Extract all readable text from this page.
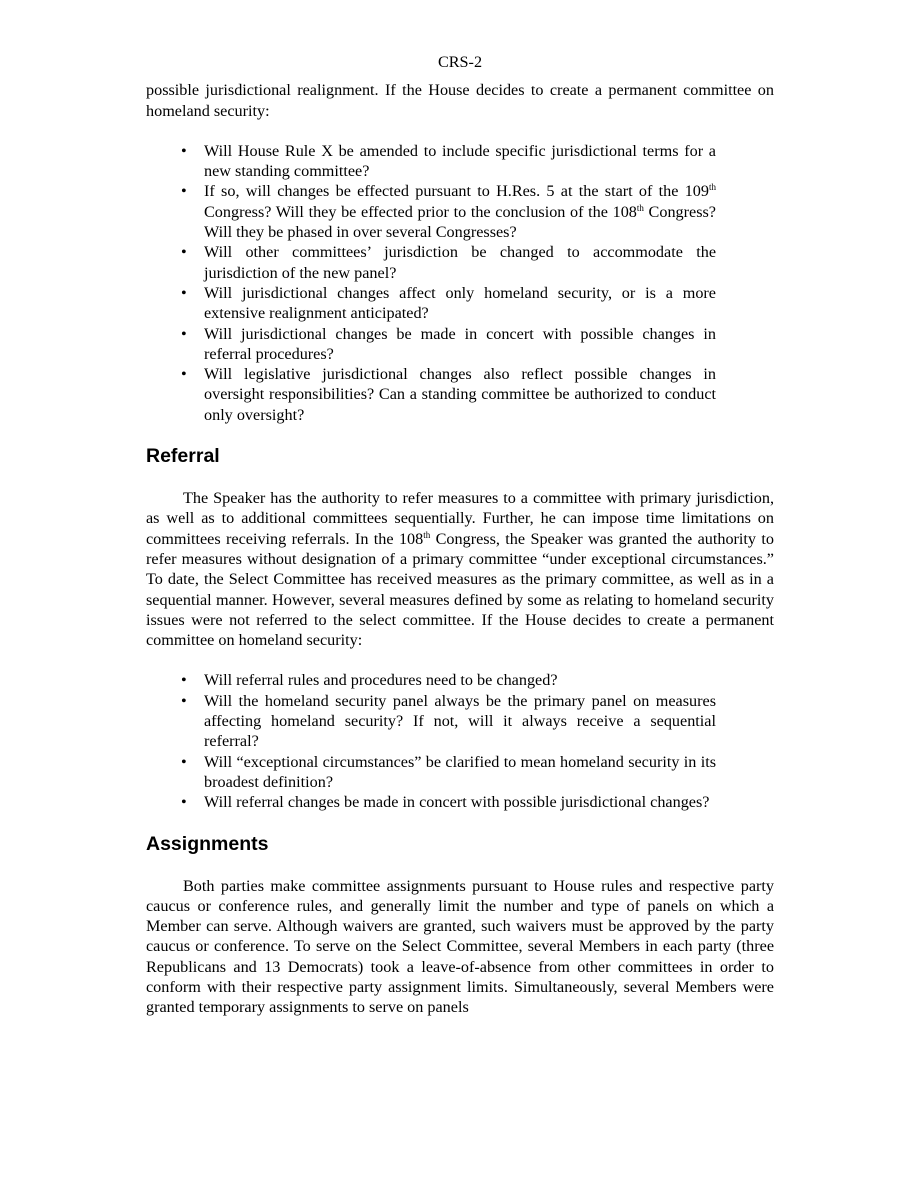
CRS-2

possible jurisdictional realignment. If the House decides to create a permanent committee on homeland security:

• Will House Rule X be amended to include specific jurisdictional terms for a new standing committee?
• If so, will changes be effected pursuant to H.Res. 5 at the start of the 109th Congress? Will they be effected prior to the conclusion of the 108th Congress? Will they be phased in over several Congresses?
• Will other committees’ jurisdiction be changed to accommodate the jurisdiction of the new panel?
• Will jurisdictional changes affect only homeland security, or is a more extensive realignment anticipated?
• Will jurisdictional changes be made in concert with possible changes in referral procedures?
• Will legislative jurisdictional changes also reflect possible changes in oversight responsibilities? Can a standing committee be authorized to conduct only oversight?
Referral

The Speaker has the authority to refer measures to a committee with primary jurisdiction, as well as to additional committees sequentially. Further, he can impose time limitations on committees receiving referrals. In the 108th Congress, the Speaker was granted the authority to refer measures without designation of a primary committee “under exceptional circumstances.” To date, the Select Committee has received measures as the primary committee, as well as in a sequential manner. However, several measures defined by some as relating to homeland security issues were not referred to the select committee. If the House decides to create a permanent committee on homeland security:

• Will referral rules and procedures need to be changed?
• Will the homeland security panel always be the primary panel on measures affecting homeland security? If not, will it always receive a sequential referral?
• Will “exceptional circumstances” be clarified to mean homeland security in its broadest definition?
• Will referral changes be made in concert with possible jurisdictional changes?
Assignments

Both parties make committee assignments pursuant to House rules and respective party caucus or conference rules, and generally limit the number and type of panels on which a Member can serve. Although waivers are granted, such waivers must be approved by the party caucus or conference. To serve on the Select Committee, several Members in each party (three Republicans and 13 Democrats) took a leave-of-absence from other committees in order to conform with their respective party assignment limits. Simultaneously, several Members were granted temporary assignments to serve on panels
